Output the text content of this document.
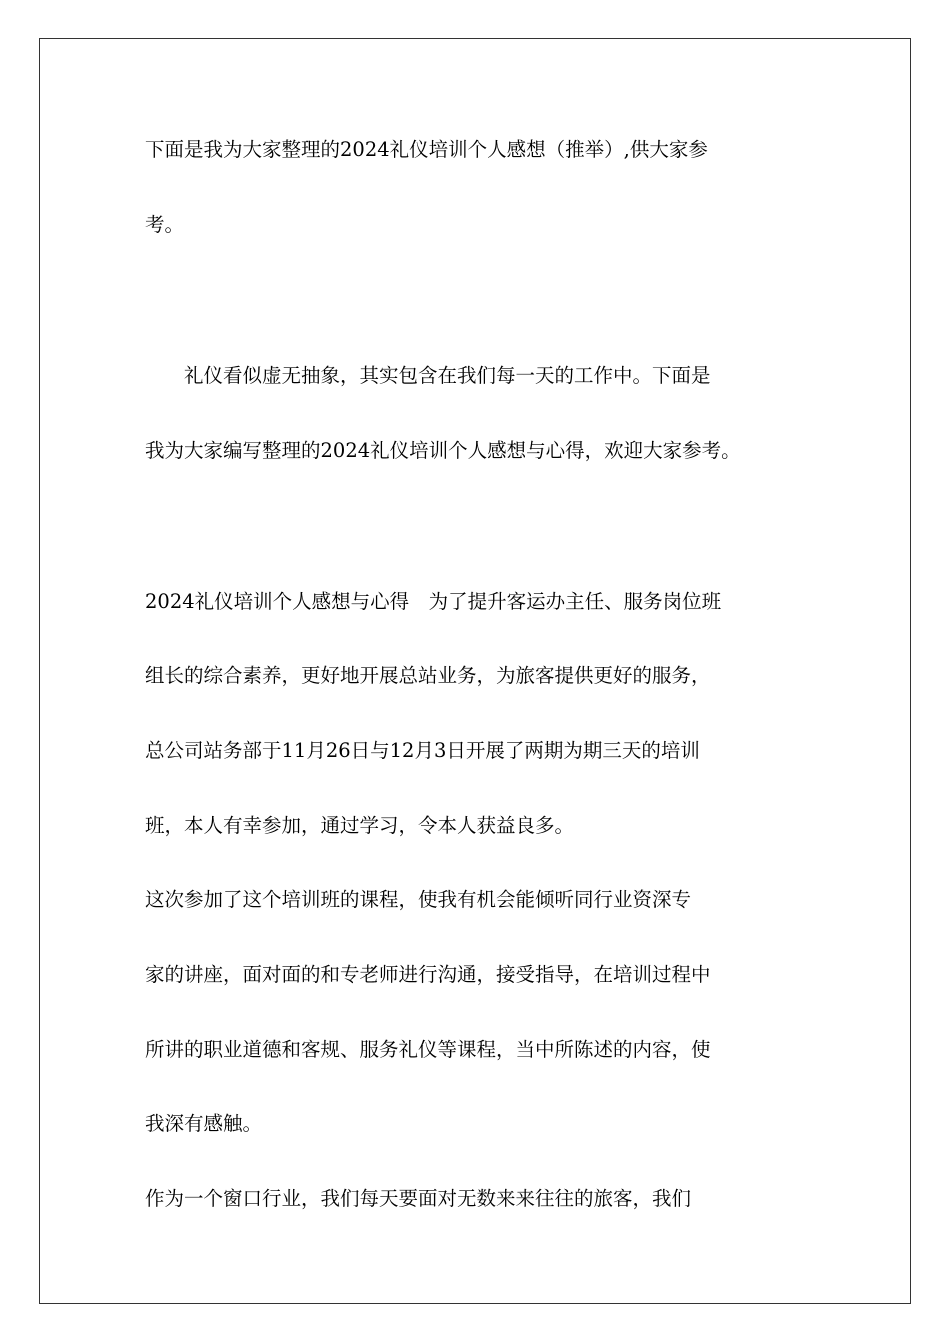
下面是我为大家整理的2024礼仪培训个人感想（推举）,供大家参
考。
　　礼仪看似虚无抽象，其实包含在我们每一天的工作中。下面是
我为大家编写整理的2024礼仪培训个人感想与心得，欢迎大家参考。
2024礼仪培训个人感想与心得　为了提升客运办主任、服务岗位班
组长的综合素养，更好地开展总站业务，为旅客提供更好的服务，
总公司站务部于11月26日与12月3日开展了两期为期三天的培训
班，本人有幸参加，通过学习，令本人获益良多。
这次参加了这个培训班的课程，使我有机会能倾听同行业资深专
家的讲座，面对面的和专老师进行沟通，接受指导，在培训过程中
所讲的职业道德和客规、服务礼仪等课程，当中所陈述的内容，使
我深有感触。
作为一个窗口行业，我们每天要面对无数来来往往的旅客，我们
